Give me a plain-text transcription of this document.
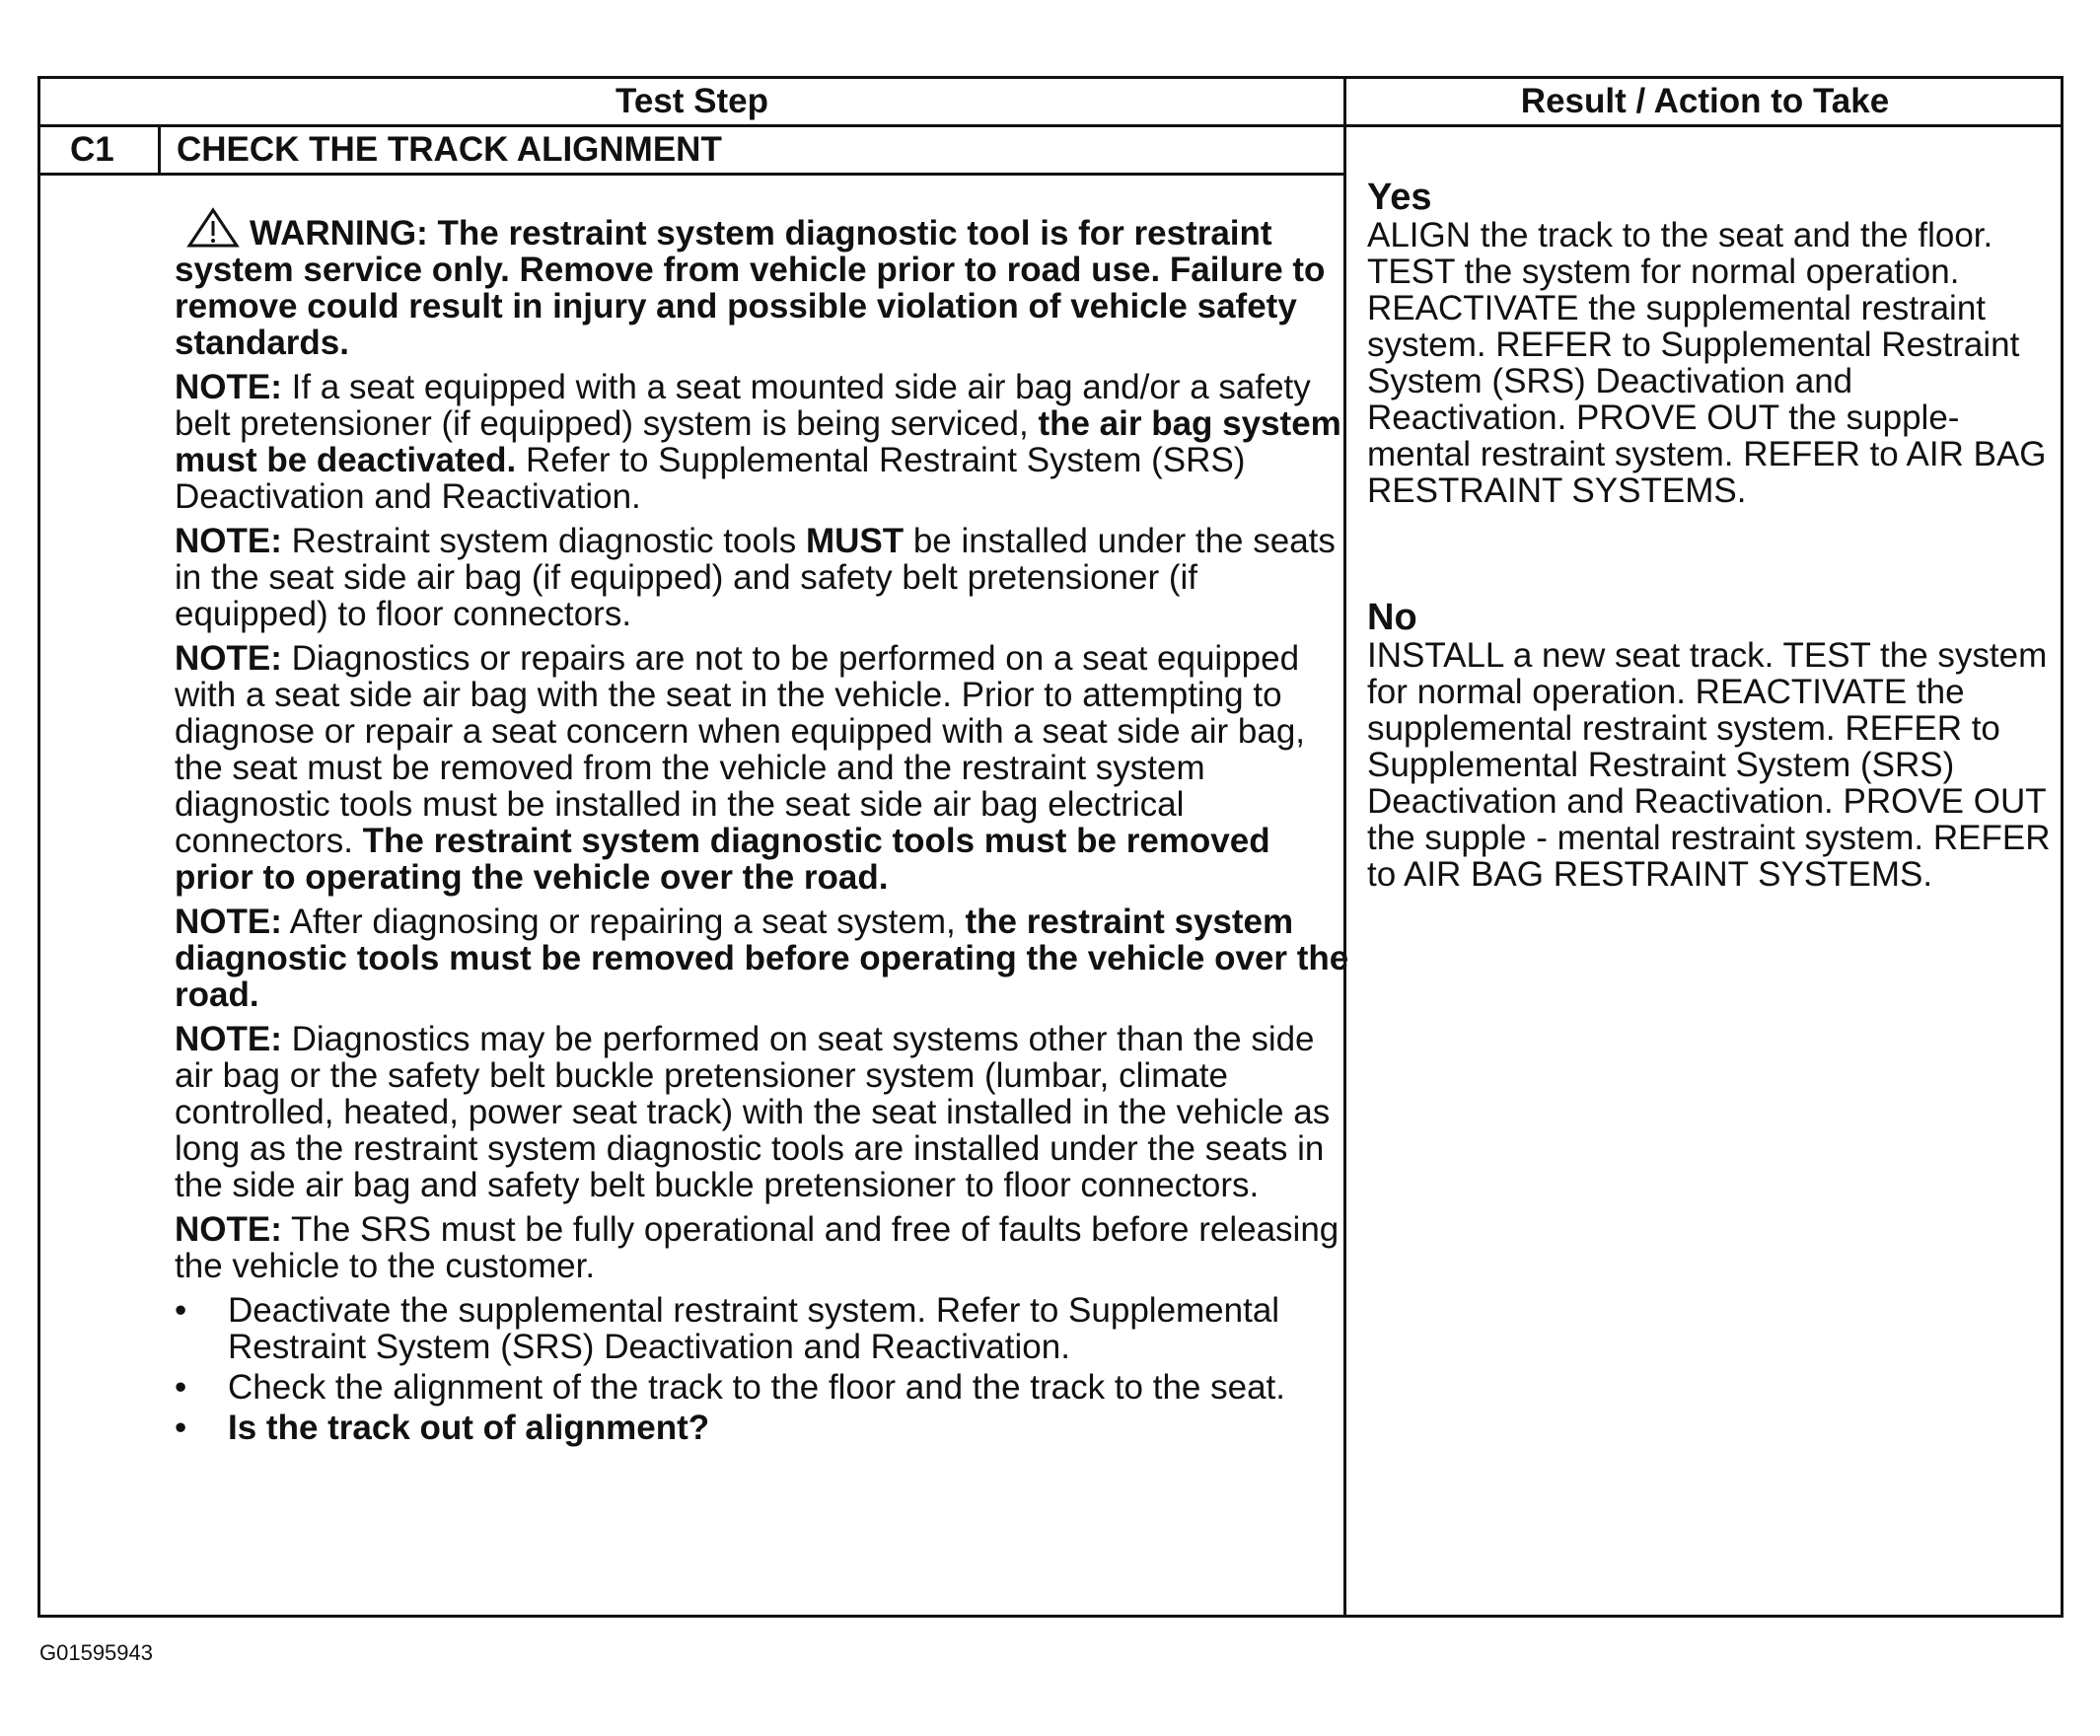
Test Step	Result / Action to Take
C1 CHECK THE TRACK ALIGNMENT

WARNING: The restraint system diagnostic tool is for restraint system service only. Remove from vehicle prior to road use. Failure to remove could result in injury and possible violation of vehicle safety standards.

NOTE: If a seat equipped with a seat mounted side air bag and/or a safety belt pretensioner (if equipped) system is being serviced, the air bag system must be deactivated. Refer to Supplemental Restraint System (SRS) Deactivation and Reactivation.

NOTE: Restraint system diagnostic tools MUST be installed under the seats in the seat side air bag (if equipped) and safety belt pretensioner (if equipped) to floor connectors.

NOTE: Diagnostics or repairs are not to be performed on a seat equipped with a seat side air bag with the seat in the vehicle. Prior to attempting to diagnose or repair a seat concern when equipped with a seat side air bag, the seat must be removed from the vehicle and the restraint system diagnostic tools must be installed in the seat side air bag electrical connectors. The restraint system diagnostic tools must be removed prior to operating the vehicle over the road.

NOTE: After diagnosing or repairing a seat system, the restraint system diagnostic tools must be removed before operating the vehicle over the road.

NOTE: Diagnostics may be performed on seat systems other than the side air bag or the safety belt buckle pretensioner system (lumbar, climate controlled, heated, power seat track) with the seat installed in the vehicle as long as the restraint system diagnostic tools are installed under the seats in the side air bag and safety belt buckle pretensioner to floor connectors.

NOTE: The SRS must be fully operational and free of faults before releasing the vehicle to the customer.

• Deactivate the supplemental restraint system. Refer to Supplemental Restraint System (SRS) Deactivation and Reactivation.
• Check the alignment of the track to the floor and the track to the seat.
• Is the track out of alignment?

Yes

ALIGN the track to the seat and the floor. TEST the system for normal operation. REACTIVATE the supplemental restraint system. REFER to Supplemental Restraint System (SRS) Deactivation and Reactivation. PROVE OUT the supple-mental restraint system. REFER to AIR BAG RESTRAINT SYSTEMS.

No

INSTALL a new seat track. TEST the system for normal operation. REACTIVATE the supplemental restraint system. REFER to Supplemental Restraint System (SRS) Deactivation and Reactivation. PROVE OUT the supple - mental restraint system. REFER to AIR BAG RESTRAINT SYSTEMS.

G01595943
